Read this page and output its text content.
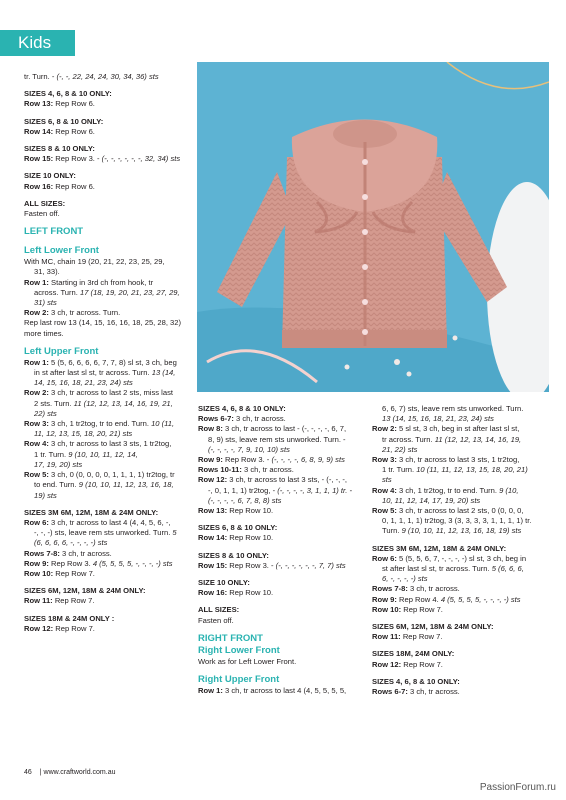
Kids

tr. Turn. - (-, -, 22, 24, 24, 30, 34, 36) sts

SIZES 4, 6, 8 & 10 ONLY:

Row 13: Rep Row 6.

SIZES 6, 8 & 10 ONLY:

Row 14: Rep Row 6.

SIZES 8 & 10 ONLY:

Row 15: Rep Row 3. - (-, -, -, -, -, -, 32, 34) sts

SIZE 10 ONLY:

Row 16: Rep Row 6.

ALL SIZES:

Fasten off.

LEFT FRONT

Left Lower Front

With MC, chain 19 (20, 21, 22, 23, 25, 29,

31, 33).

Row 1: Starting in 3rd ch from hook, tr

across. Turn. 17 (18, 19, 20, 21, 23, 27, 29,

31) sts

Row 2: 3 ch, tr across. Turn.

Rep last row 13 (14, 15, 16, 16, 18, 25, 28, 32)

more times.

Left Upper Front

Row 1: 5 (5, 6, 6, 6, 6, 7, 7, 8) sl st, 3 ch, beg

in st after last sl st, tr across. Turn. 13 (14,

14, 15, 16, 18, 21, 23, 24) sts

Row 2: 3 ch, tr across to last 2 sts, miss last

2 sts. Turn. 11 (12, 12, 13, 14, 16, 19, 21,

22) sts

Row 3: 3 ch, 1 tr2tog, tr to end. Turn. 10 (11,

11, 12, 13, 15, 18, 20, 21) sts

Row 4: 3 ch, tr across to last 3 sts, 1 tr2tog,

1 tr. Turn. 9 (10, 10, 11, 12, 14,

17, 19, 20) sts

Row 5: 3 ch, 0 (0, 0, 0, 0, 1, 1, 1, 1) tr2tog, tr

to end. Turn. 9 (10, 10, 11, 12, 13, 16, 18,

19) sts

SIZES 3M 6M, 12M, 18M & 24M ONLY:

Row 6: 3 ch, tr across to last 4 (4, 4, 5, 6, -,

-, -, -) sts, leave rem sts unworked. Turn. 5

(6, 6, 6, 6, -, -, -, -) sts

Rows 7-8: 3 ch, tr across.

Row 9: Rep Row 3. 4 (5, 5, 5, 5, -, -, -, -) sts

Row 10: Rep Row 7.

SIZES 6M, 12M, 18M & 24M ONLY:

Row 11: Rep Row 7.

SIZES 18M & 24M ONLY :

Row 12: Rep Row 7.

SIZES 4, 6, 8 & 10 ONLY:

Rows 6-7: 3 ch, tr across.

Row 8: 3 ch, tr across to last - (-, -, -, -, 6, 7,

8, 9) sts, leave rem sts unworked. Turn. -

(-, -, -, -, 7, 9, 10, 10) sts

Row 9: Rep Row 3. - (-, -, -, -, 6, 8, 9, 9) sts

Rows 10-11: 3 ch, tr across.

Row 12: 3 ch, tr across to last 3 sts, - (-, -, -,

-, 0, 1, 1, 1) tr2tog, - (-, -, -, -, 3, 1, 1, 1) tr. -

(-, -, -, -, 6, 7, 8, 8) sts

Row 13: Rep Row 10.

SIZES 6, 8 & 10 ONLY:

Row 14: Rep Row 10.

SIZES 8 & 10 ONLY:

Row 15: Rep Row 3. - (-, -, -, -, -, -, 7, 7) sts

SIZE 10 ONLY:

Row 16: Rep Row 10.

ALL SIZES:

Fasten off.

RIGHT FRONT

Right Lower Front

Work as for Left Lower Front.

Right Upper Front

Row 1: 3 ch, tr across to last 4 (4, 5, 5, 5, 5,

6, 6, 7) sts, leave rem sts unworked. Turn.

13 (14, 15, 16, 18, 21, 23, 24) sts

Row 2: 5 sl st, 3 ch, beg in st after last sl st,

tr across. Turn. 11 (12, 12, 13, 14, 16, 19,

21, 22) sts

Row 3: 3 ch, tr across to last 3 sts, 1 tr2tog,

1 tr. Turn. 10 (11, 11, 12, 13, 15, 18, 20, 21)

sts

Row 4: 3 ch, 1 tr2tog, tr to end. Turn. 9 (10,

10, 11, 12, 14, 17, 19, 20) sts

Row 5: 3 ch, tr across to last 2 sts, 0 (0, 0, 0,

0, 1, 1, 1, 1) tr2tog, 3 (3, 3, 3, 3, 1, 1, 1, 1) tr.

Turn. 9 (10, 10, 11, 12, 13, 16, 18, 19) sts

SIZES 3M 6M, 12M, 18M & 24M ONLY:

Row 6: 5 (5, 5, 6, 7, -, -, -, -) sl st, 3 ch, beg in

st after last sl st, tr across. Turn. 5 (6, 6, 6,

6, -, -, -, -) sts

Rows 7-8: 3 ch, tr across.

Row 9: Rep Row 4. 4 (5, 5, 5, 5, -, -, -, -) sts

Row 10: Rep Row 7.

SIZES 6M, 12M, 18M & 24M ONLY:

Row 11: Rep Row 7.

SIZES 18M, 24M ONLY:

Row 12: Rep Row 7.

SIZES 4, 6, 8 & 10 ONLY:

Rows 6-7: 3 ch, tr across.

46 | www.craftworld.com.au
PassionForum.ru
